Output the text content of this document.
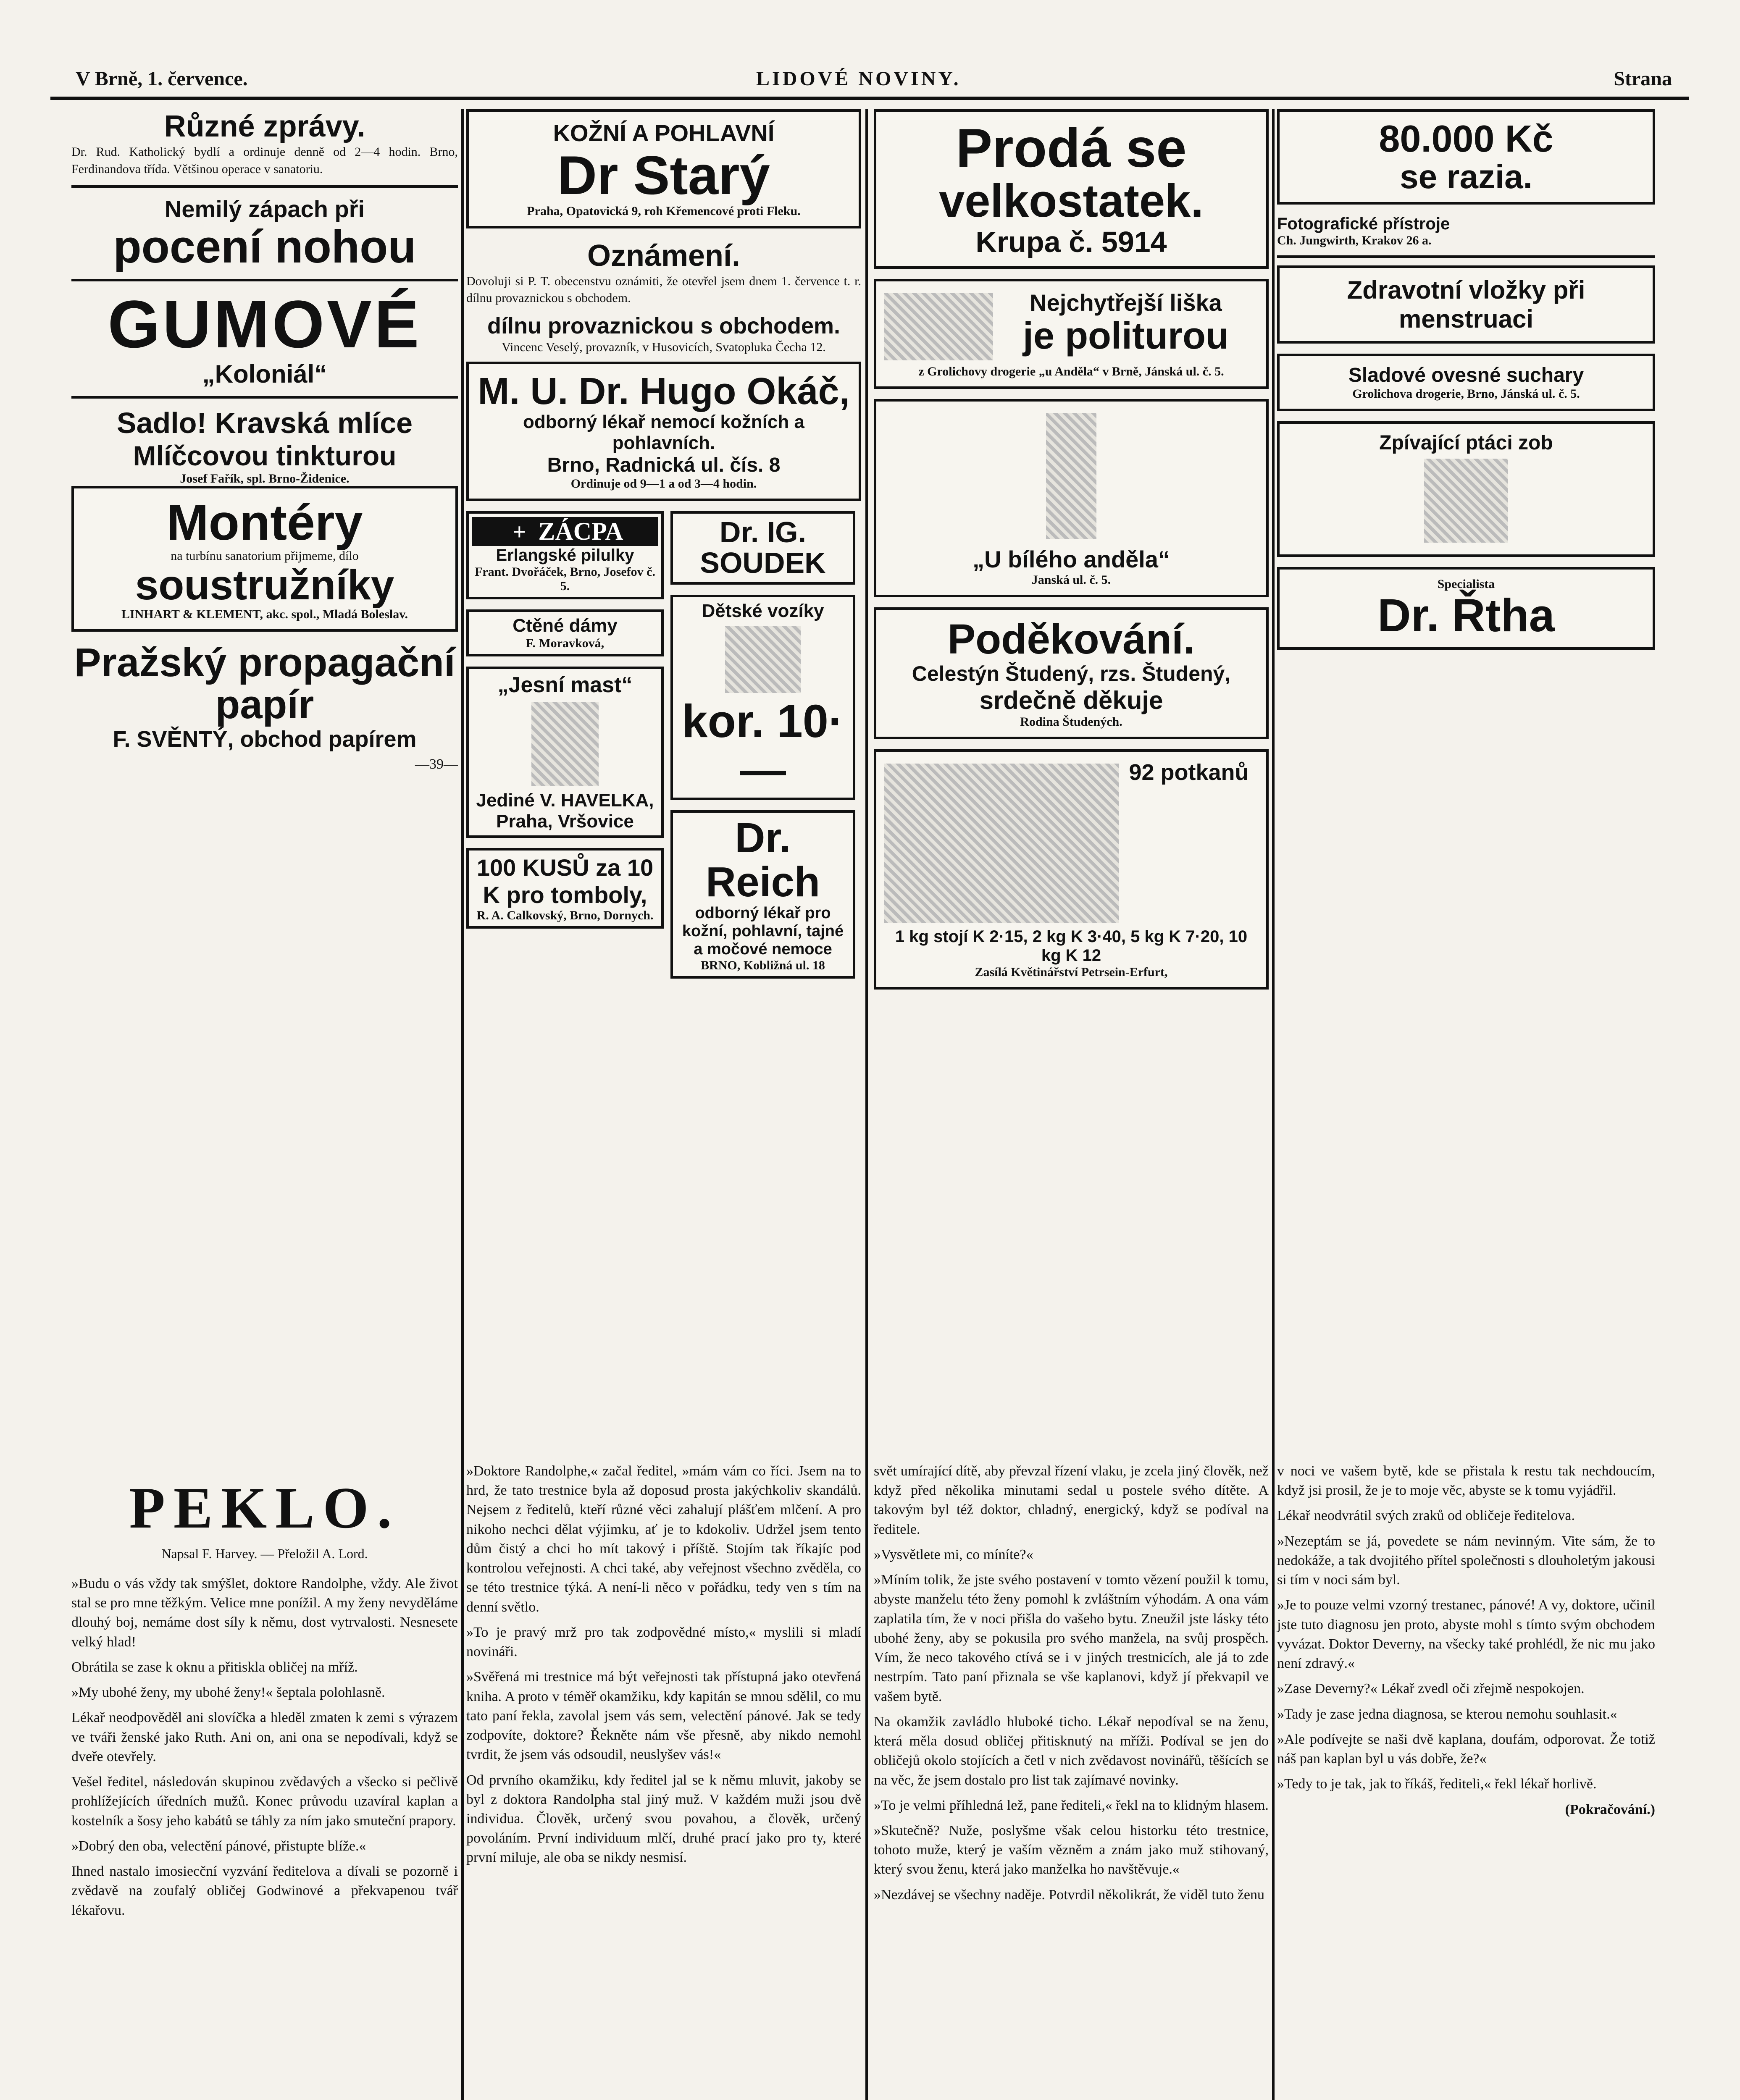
V Brně, 1. července.	LIDOVÉ NOVINY.	Strana
Různé zprávy.

Dr. Rud. Katholický bydlí a ordinuje denně od 2—4 hodin. Brno, Ferdinandova třída. Většinou operace v sanatoriu.

Nemilý zápach při
pocení nohou
GUMOVÉ
„Koloniál“
Sadlo! Kravská mlíce
Mlíčcovou tinkturou
Josef Fařík, spl. Brno-Židenice.
Montéry
na turbínu sanatorium přijmeme, dílo
soustružníky
LINHART & KLEMENT, akc. spol., Mladá Boleslav.
Pražský propagační papír
F. SVĚNTÝ, obchod papírem
—39—
KOŽNÍ A POHLAVNÍ
Dr Starý
Praha, Opatovická 9, roh Křemencové proti Fleku.
Oznámení.

Dovoluji si P. T. obecenstvu oznámiti, že otevřel jsem dnem 1. července t. r. dílnu provaznickou s obchodem.

dílnu provaznickou s obchodem.

Vincenc Veselý, provazník, v Husovicích, Svatopluka Čecha 12.

M. U. Dr. Hugo Okáč,
odborný lékař nemocí kožních a pohlavních.
Brno, Radnická ul. čís. 8
Ordinuje od 9—1 a od 3—4 hodin.
+ ZÁCPA
Erlangské pilulky
Frant. Dvořáček, Brno, Josefov č. 5.
Ctěné dámy
F. Moravková,
„Jesní mast“
Jediné V. HAVELKA, Praha, Vršovice
100 KUSŮ za 10 K pro tomboly,
R. A. Calkovský, Brno, Dornych.
Dr. IG. SOUDEK
Dětské vozíky
kor. 10·—
Dr. Reich
odborný lékař pro kožní, pohlavní, tajné a močové nemoce
BRNO, Kobližná ul. 18
Prodá se
velkostatek.
Krupa č. 5914
Nejchytřejší liška
je politurou
z Grolichovy drogerie „u Anděla“ v Brně, Jánská ul. č. 5.
„U bílého anděla“
Janská ul. č. 5.
Poděkování.
Celestýn Študený, rzs. Študený,
srdečně děkuje
Rodina Študených.
92 potkanů
1 kg stojí K 2·15, 2 kg K 3·40, 5 kg K 7·20, 10 kg K 12
Zasílá Květinářství Petrsein-Erfurt,
80.000 Kč
se razia.
Fotografické přístroje
Ch. Jungwirth, Krakov 26 a.
Zdravotní vložky při menstruaci
Sladové ovesné suchary
Grolichova drogerie, Brno, Jánská ul. č. 5.
Zpívající ptáci zob
Specialista
Dr. Řtha
PEKLO.
Napsal F. Harvey. — Přeložil A. Lord.

»Budu o vás vždy tak smýšlet, doktore Randolphe, vždy. Ale život stal se pro mne těžkým. Velice mne ponížil. A my ženy nevyděláme dlouhý boj, nemáme dost síly k němu, dost vytrvalosti. Nesnesete velký hlad!

Obrátila se zase k oknu a přitiskla obličej na mříž.

»My ubohé ženy, my ubohé ženy!« šeptala polohlasně.

Lékař neodpověděl ani slovíčka a hleděl zmaten k zemi s výrazem ve tváři ženské jako Ruth. Ani on, ani ona se nepodívali, když se dveře otevřely.

Vešel ředitel, následován skupinou zvědavých a všecko si pečlivě prohlížejících úředních mužů. Konec průvodu uzavíral kaplan a kostelník a šosy jeho kabátů se táhly za ním jako smuteční prapory.

»Dobrý den oba, velectění pánové, přistupte blíže.«

Ihned nastalo imosiecční vyzvání ředitelova a dívali se pozorně i zvědavě na zoufalý obličej Godwinové a překvapenou tvář lékařovu.

»Doktore Randolphe,« začal ředitel, »mám vám co říci. Jsem na to hrd, že tato trestnice byla až doposud prosta jakýchkoliv skandálů. Nejsem z ředitelů, kteří různé věci zahalují plášťem mlčení. A pro nikoho nechci dělat výjimku, ať je to kdokoliv. Udržel jsem tento dům čistý a chci ho mít takový i příště. Stojím tak říkajíc pod kontrolou veřejnosti. A chci také, aby veřejnost všechno zvěděla, co se této trestnice týká. A není-li něco v pořádku, tedy ven s tím na denní světlo.

»To je pravý mrž pro tak zodpovědné místo,« myslili si mladí novináři.

»Svěřená mi trestnice má být veřejnosti tak přístupná jako otevřená kniha. A proto v téměř okamžiku, kdy kapitán se mnou sdělil, co mu tato paní řekla, zavolal jsem vás sem, velectění pánové. Jak se tedy zodpovíte, doktore? Řekněte nám vše přesně, aby nikdo nemohl tvrdit, že jsem vás odsoudil, neuslyšev vás!«

Od prvního okamžiku, kdy ředitel jal se k němu mluvit, jakoby se byl z doktora Randolpha stal jiný muž. V každém muži jsou dvě individua. Člověk, určený svou povahou, a člověk, určený povoláním. První individuum mlčí, druhé prací jako pro ty, které první miluje, ale oba se nikdy nesmisí.

svět umírající dítě, aby převzal řízení vlaku, je zcela jiný člověk, než když před několika minutami sedal u postele svého dítěte. A takovým byl též doktor, chladný, energický, když se podíval na ředitele.

»Vysvětlete mi, co míníte?«

»Míním tolik, že jste svého postavení v tomto vězení použil k tomu, abyste manželu této ženy pomohl k zvláštním výhodám. A ona vám zaplatila tím, že v noci přišla do vašeho bytu. Zneužil jste lásky této ubohé ženy, aby se pokusila pro svého manžela, na svůj prospěch. Vím, že neco takového ctívá se i v jiných trestnicích, ale já to zde nestrpím. Tato paní přiznala se vše kaplanovi, když jí překvapil ve vašem bytě.

Na okamžik zavládlo hluboké ticho. Lékař nepodíval se na ženu, která měla dosud obličej přitisknutý na mříži. Podíval se jen do obličejů okolo stojících a četl v nich zvědavost novinářů, těšících se na věc, že jsem dostalo pro list tak zajímavé novinky.

»To je velmi příhledná lež, pane řediteli,« řekl na to klidným hlasem.

»Skutečně? Nuže, poslyšme však celou historku této trestnice, tohoto muže, který je vaším vězněm a znám jako muž stihovaný, který svou ženu, která jako manželka ho navštěvuje.«

»Nezdávej se všechny naděje. Potvrdil několikrát, že viděl tuto ženu

v noci ve vašem bytě, kde se přistala k restu tak nechdoucím, když jsi prosil, že je to moje věc, abyste se k tomu vyjádřil.

Lékař neodvrátil svých zraků od obličeje ředitelova.

»Nezeptám se já, povedete se nám nevinným. Vite sám, že to nedokáže, a tak dvojitého přítel společnosti s dlouholetým jakousi si tím v noci sám byl.

»Je to pouze velmi vzorný trestanec, pánové! A vy, doktore, učinil jste tuto diagnosu jen proto, abyste mohl s tímto svým obchodem vyvázat. Doktor Deverny, na všecky také prohlédl, že nic mu jako není zdravý.«

»Zase Deverny?« Lékař zvedl oči zřejmě nespokojen.

»Tady je zase jedna diagnosa, se kterou nemohu souhlasit.«

»Ale podívejte se naši dvě kaplana, doufám, odporovat. Že totiž náš pan kaplan byl u vás dobře, že?«

»Tedy to je tak, jak to říkáš, řediteli,« řekl lékař horlivě.

(Pokračování.)
